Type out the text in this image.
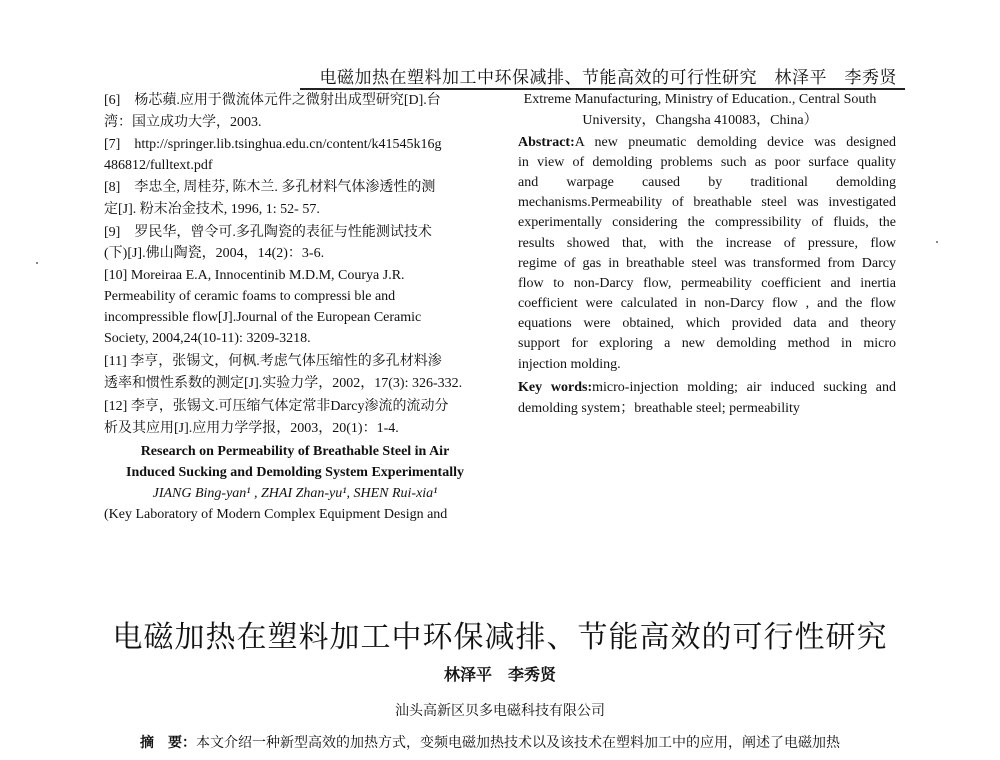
电磁加热在塑料加工中环保减排、节能高效的可行性研究　林泽平　李秀贤
[6]　杨芯蘋.应用于微流体元件之微射出成型研究[D].台
湾：国立成功大学，2003.
[7]　http://springer.lib.tsinghua.edu.cn/content/k41545k16g
486812/fulltext.pdf
[8]　李忠全, 周桂芬, 陈木兰. 多孔材料气体渗透性的测
定[J]. 粉末冶金技术, 1996, 1: 52- 57.
[9]　罗民华，曾令可.多孔陶瓷的表征与性能测试技术
(下)[J].佛山陶瓷，2004，14(2)：3-6.
[10] Moreiraa E.A, Innocentinib M.D.M, Courya J.R.
Permeability of ceramic foams to compressi ble and
incompressible flow[J].Journal of the European Ceramic
Society, 2004,24(10-11): 3209-3218.
[11] 李亨，张锡文，何枫.考虑气体压缩性的多孔材料渗
透率和惯性系数的测定[J].实验力学，2002，17(3): 326-332.
[12] 李亨，张锡文.可压缩气体定常非Darcy渗流的流动分
析及其应用[J].应用力学学报，2003，20(1)：1-4.
Research on Permeability of Breathable Steel in Air
Induced Sucking and Demolding System Experimentally
JIANG Bing-yan¹ , ZHAI Zhan-yu¹, SHEN Rui-xia¹
(Key Laboratory of Modern Complex Equipment Design and
Extreme Manufacturing, Ministry of Education., Central South
University，Changsha 410083，China）
Abstract:A new pneumatic demolding device was designed
in view of demolding problems such as poor surface quality
and warpage caused by traditional demolding
mechanisms.Permeability of breathable steel was investigated
experimentally considering the compressibility of fluids, the
results showed that, with the increase of pressure, flow
regime of gas in breathable steel was transformed from Darcy
flow to non-Darcy flow, permeability coefficient and inertia
coefficient were calculated in non-Darcy flow , and the flow
equations were obtained, which provided data and theory
support for exploring a new demolding method in micro
injection molding.
Key words:micro-injection molding; air induced sucking and
demolding system；breathable steel; permeability
电磁加热在塑料加工中环保减排、节能高效的可行性研究
林泽平　李秀贤
汕头高新区贝多电磁科技有限公司
摘　要：本文介绍一种新型高效的加热方式，变频电磁加热技术以及该技术在塑料加工中的应用，阐述了电磁加热
